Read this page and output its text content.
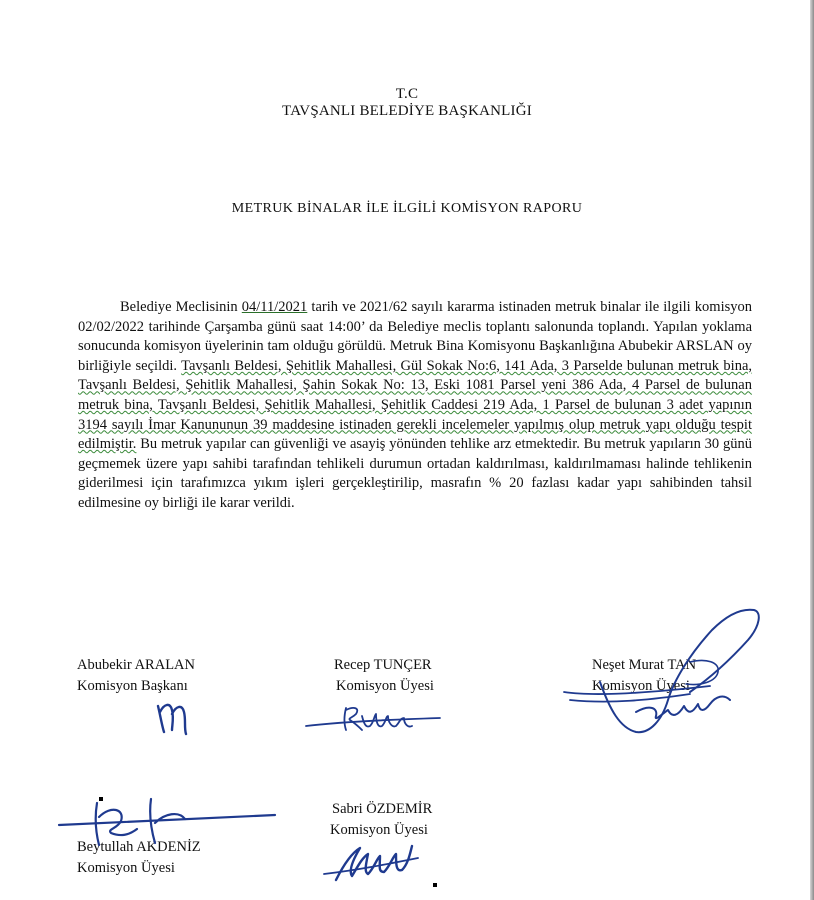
T.C
TAVŞANLI BELEDİYE BAŞKANLIĞI
METRUK BİNALAR İLE İLGİLİ KOMİSYON RAPORU

Belediye Meclisinin 04/11/2021 tarih ve 2021/62 sayılı kararma istinaden metruk binalar ile ilgili komisyon 02/02/2022 tarihinde Çarşamba günü saat 14:00’ da Belediye meclis toplantı salonunda toplandı. Yapılan yoklama sonucunda komisyon üyelerinin tam olduğu görüldü. Metruk Bina Komisyonu Başkanlığına Abubekir ARSLAN oy birliğiyle seçildi. Tavşanlı Beldesi, Şehitlik Mahallesi, Gül Sokak No:6, 141 Ada, 3 Parselde bulunan metruk bina, Tavşanlı Beldesi, Şehitlik Mahallesi, Şahin Sokak No: 13, Eski 1081 Parsel yeni 386 Ada, 4 Parsel de bulunan metruk bina, Tavşanlı Beldesi, Şehitlik Mahallesi, Şehitlik Caddesi 219 Ada, 1 Parsel de bulunan 3 adet yapının 3194 sayılı İmar Kanununun 39 maddesine istinaden gerekli incelemeler yapılmış olup metruk yapı olduğu tespit edilmiştir. Bu metruk yapılar can güvenliği ve asayiş yönünden tehlike arz etmektedir. Bu metruk yapıların 30 günü geçmemek üzere yapı sahibi tarafından tehlikeli durumun ortadan kaldırılması, kaldırılmaması halinde tehlikenin giderilmesi için tarafımızca yıkım işleri gerçekleştirilip, masrafın % 20 fazlası kadar yapı sahibinden tahsil edilmesine oy birliği ile karar verildi.

Abubekir ARALAN
Komisyon Başkanı
Recep TUNÇER
Komisyon Üyesi
Neşet Murat TAN
Komisyon Üyesi
Beytullah AKDENİZ
Komisyon Üyesi
Sabri ÖZDEMİR
Komisyon Üyesi
